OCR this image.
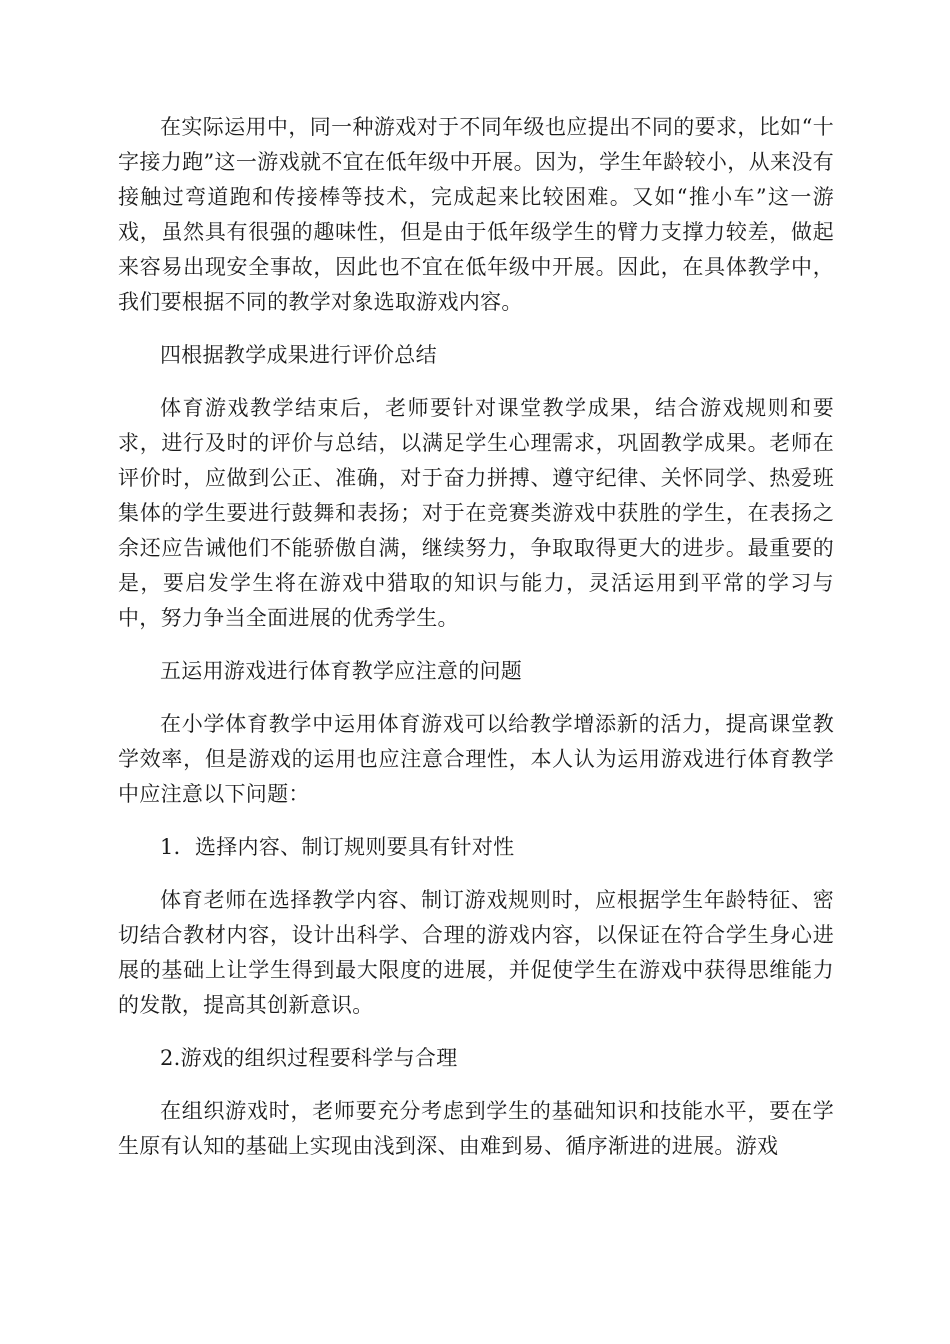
在实际运用中，同一种游戏对于不同年级也应提出不同的要求，比如“十字接力跑”这一游戏就不宜在低年级中开展。因为，学生年龄较小，从来没有接触过弯道跑和传接棒等技术，完成起来比较困难。又如“推小车”这一游戏，虽然具有很强的趣味性，但是由于低年级学生的臂力支撑力较差，做起来容易出现安全事故，因此也不宜在低年级中开展。因此，在具体教学中，我们要根据不同的教学对象选取游戏内容。

四根据教学成果进行评价总结

体育游戏教学结束后，老师要针对课堂教学成果，结合游戏规则和要求，进行及时的评价与总结，以满足学生心理需求，巩固教学成果。老师在评价时，应做到公正、准确，对于奋力拼搏、遵守纪律、关怀同学、热爱班集体的学生要进行鼓舞和表扬；对于在竞赛类游戏中获胜的学生，在表扬之余还应告诫他们不能骄傲自满，继续努力，争取取得更大的进步。最重要的是，要启发学生将在游戏中猎取的知识与能力，灵活运用到平常的学习与中，努力争当全面进展的优秀学生。

五运用游戏进行体育教学应注意的问题

在小学体育教学中运用体育游戏可以给教学增添新的活力，提高课堂教学效率，但是游戏的运用也应注意合理性，本人认为运用游戏进行体育教学中应注意以下问题：

1．选择内容、制订规则要具有针对性

体育老师在选择教学内容、制订游戏规则时，应根据学生年龄特征、密切结合教材内容，设计出科学、合理的游戏内容，以保证在符合学生身心进展的基础上让学生得到最大限度的进展，并促使学生在游戏中获得思维能力的发散，提高其创新意识。

2.游戏的组织过程要科学与合理

在组织游戏时，老师要充分考虑到学生的基础知识和技能水平，要在学生原有认知的基础上实现由浅到深、由难到易、循序渐进的进展。游戏
